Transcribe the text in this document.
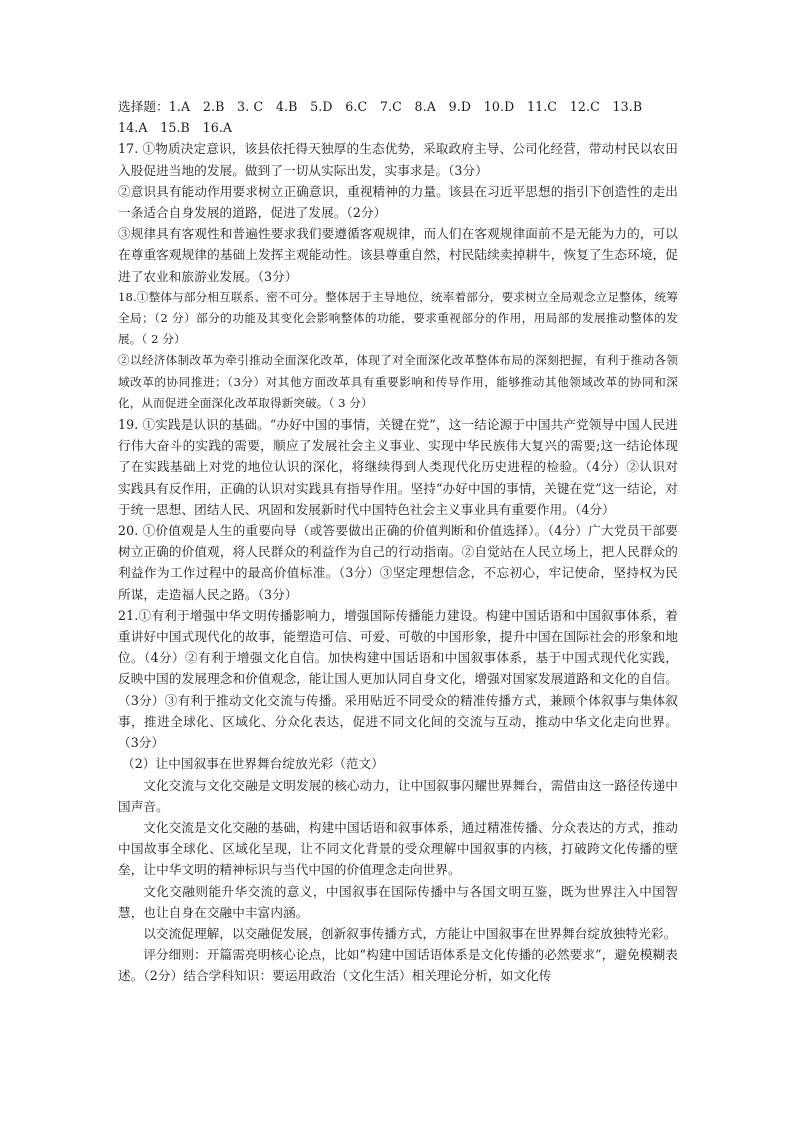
选择题：1.A　2.B　3. C　4.B　5.D　6.C　7.C　8.A　9.D　10.D　11.C　12.C　13.B

14.A　15.B　16.A

17. ①物质决定意识，该县依托得天独厚的生态优势，采取政府主导、公司化经营，带动村民以农田入股促进当地的发展。做到了一切从实际出发，实事求是。（3分）

②意识具有能动作用要求树立正确意识，重视精神的力量。该县在习近平思想的指引下创造性的走出一条适合自身发展的道路，促进了发展。（2分）

③规律具有客观性和普遍性要求我们要遵循客观规律，而人们在客观规律面前不是无能为力的，可以在尊重客观规律的基础上发挥主观能动性。该县尊重自然，村民陆续卖掉耕牛，恢复了生态环境，促进了农业和旅游业发展。（3分）

18.①整体与部分相互联系、密不可分。整体居于主导地位，统率着部分，要求树立全局观念立足整体，统筹全局；（2 分）部分的功能及其变化会影响整体的功能，要求重视部分的作用，用局部的发展推动整体的发展。（ 2 分）

②以经济体制改革为牵引推动全面深化改革，体现了对全面深化改革整体布局的深刻把握，有利于推动各领域改革的协同推进；（3分）对其他方面改革具有重要影响和传导作用，能够推动其他领域改革的协同和深化，从而促进全面深化改革取得新突破。（ 3 分）

19. ①实践是认识的基础。“办好中国的事情，关键在党”，这一结论源于中国共产党领导中国人民进行伟大奋斗的实践的需要，顺应了发展社会主义事业、实现中华民族伟大复兴的需要;这一结论体现了在实践基础上对党的地位认识的深化，将继续得到人类现代化历史进程的检验。（4分）②认识对实践具有反作用，正确的认识对实践具有指导作用。坚持“办好中国的事情，关键在党”这一结论，对于统一思想、团结人民、巩固和发展新时代中国特色社会主义事业具有重要作用。（4分）

20. ①价值观是人生的重要向导（或答要做出正确的价值判断和价值选择）。（4分）广大党员干部要树立正确的价值观，将人民群众的利益作为自己的行动指南。②自觉站在人民立场上，把人民群众的利益作为工作过程中的最高价值标准。（3分）③坚定理想信念，不忘初心，牢记使命，坚持权为民所谋，走造福人民之路。（3分）

21.①有利于增强中华文明传播影响力，增强国际传播能力建设。构建中国话语和中国叙事体系，着重讲好中国式现代化的故事，能塑造可信、可爱、可敬的中国形象，提升中国在国际社会的形象和地位。（4分）②有利于增强文化自信。加快构建中国话语和中国叙事体系，基于中国式现代化实践，反映中国的发展理念和价值观念，能让国人更加认同自身文化，增强对国家发展道路和文化的自信。（3分）③有利于推动文化交流与传播。采用贴近不同受众的精准传播方式，兼顾个体叙事与集体叙事，推进全球化、区域化、分众化表达，促进不同文化间的交流与互动，推动中华文化走向世界。（3分）

（2）让中国叙事在世界舞台绽放光彩（范文）

文化交流与文化交融是文明发展的核心动力，让中国叙事闪耀世界舞台，需借由这一路径传递中国声音。

文化交流是文化交融的基础，构建中国话语和叙事体系，通过精准传播、分众表达的方式，推动中国故事全球化、区域化呈现，让不同文化背景的受众理解中国叙事的内核，打破跨文化传播的壁垒，让中华文明的精神标识与当代中国的价值理念走向世界。

文化交融则能升华交流的意义，中国叙事在国际传播中与各国文明互鉴，既为世界注入中国智慧，也让自身在交融中丰富内涵。

以交流促理解，以交融促发展，创新叙事传播方式，方能让中国叙事在世界舞台绽放独特光彩。

评分细则：开篇需亮明核心论点，比如“构建中国话语体系是文化传播的必然要求”，避免模糊表述。（2分）结合学科知识：要运用政治（文化生活）相关理论分析，如文化传
